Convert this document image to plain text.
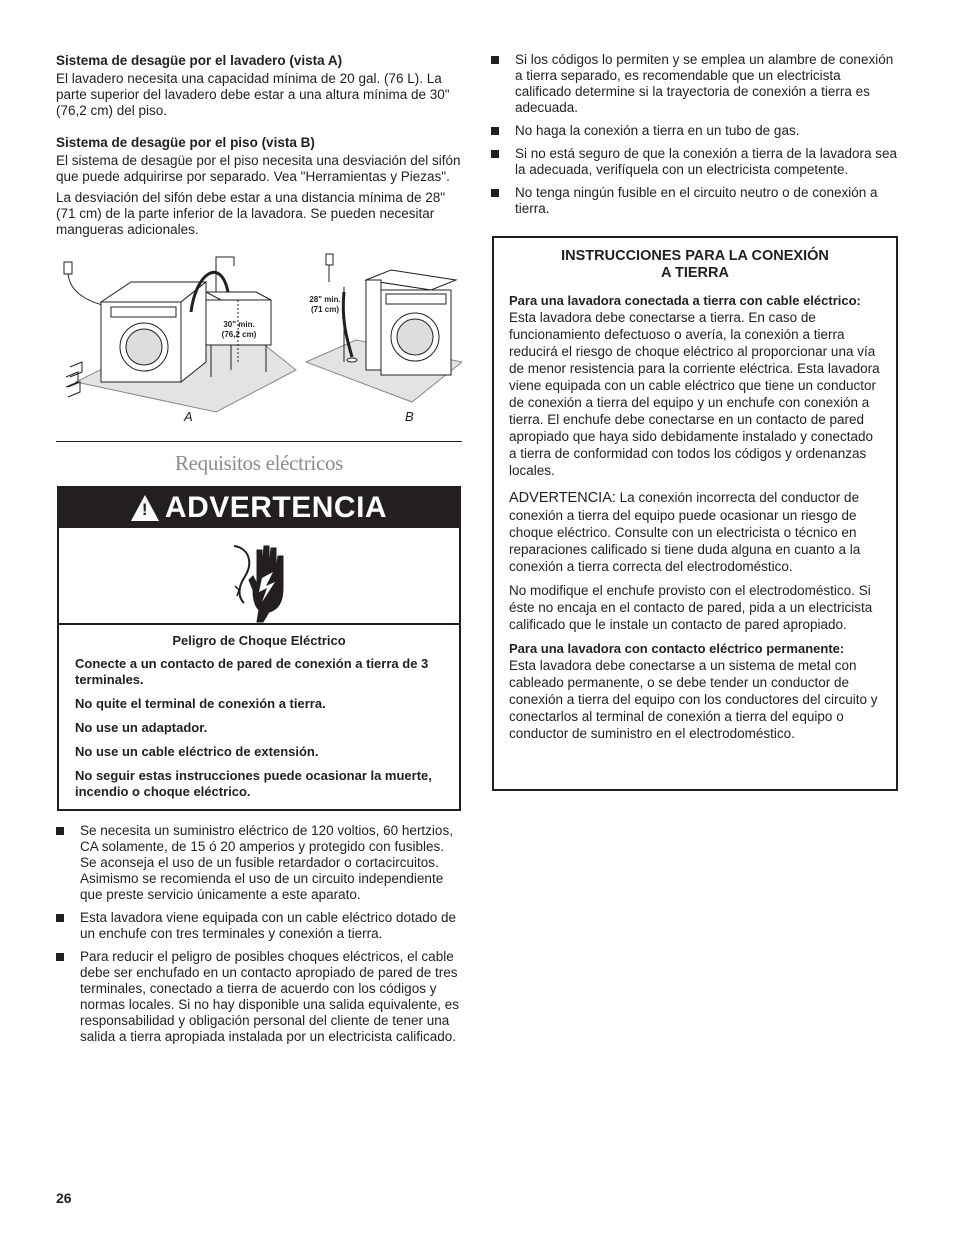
Sistema de desagüe por el lavadero (vista A)
El lavadero necesita una capacidad mínima de 20 gal. (76 L). La parte superior del lavadero debe estar a una altura mínima de 30" (76,2 cm) del piso.
Sistema de desagüe por el piso (vista B)
El sistema de desagüe por el piso necesita una desviación del sifón que puede adquirirse por separado. Vea "Herramientas y Piezas".
La desviación del sifón debe estar a una distancia mínima de 28" (71 cm) de la parte inferior de la lavadora. Se pueden necesitar mangueras adicionales.
30" min.
(76,2 cm)
28" min.
(71 cm)
A	B
Requisitos eléctricos
! ADVERTENCIA
Peligro de Choque Eléctrico
Conecte a un contacto de pared de conexión a tierra de 3 terminales.
No quite el terminal de conexión a tierra.
No use un adaptador.
No use un cable eléctrico de extensión.
No seguir estas instrucciones puede ocasionar la muerte, incendio o choque eléctrico.
Se necesita un suministro eléctrico de 120 voltios, 60 hertzios, CA solamente, de 15 ó 20 amperios y protegido con fusibles. Se aconseja el uso de un fusible retardador o cortacircuitos. Asimismo se recomienda el uso de un circuito independiente que preste servicio únicamente a este aparato.
Esta lavadora viene equipada con un cable eléctrico dotado de un enchufe con tres terminales y conexión a tierra.
Para reducir el peligro de posibles choques eléctricos, el cable debe ser enchufado en un contacto apropiado de pared de tres terminales, conectado a tierra de acuerdo con los códigos y normas locales. Si no hay disponible una salida equivalente, es responsabilidad y obligación personal del cliente de tener una salida a tierra apropiada instalada por un electricista calificado.
Si los códigos lo permiten y se emplea un alambre de conexión a tierra separado, es recomendable que un electricista calificado determine si la trayectoria de conexión a tierra es adecuada.
No haga la conexión a tierra en un tubo de gas.
Si no está seguro de que la conexión a tierra de la lavadora sea la adecuada, verifíquela con un electricista competente.
No tenga ningún fusible en el circuito neutro o de conexión a tierra.
INSTRUCCIONES PARA LA CONEXIÓN
A TIERRA
Para una lavadora conectada a tierra con cable eléctrico:
Esta lavadora debe conectarse a tierra. En caso de funcionamiento defectuoso o avería, la conexión a tierra reducirá el riesgo de choque eléctrico al proporcionar una vía de menor resistencia para la corriente eléctrica. Esta lavadora viene equipada con un cable eléctrico que tiene un conductor de conexión a tierra del equipo y un enchufe con conexión a tierra. El enchufe debe conectarse en un contacto de pared apropiado que haya sido debidamente instalado y conectado a tierra de conformidad con todos los códigos y ordenanzas locales.
ADVERTENCIA: La conexión incorrecta del conductor de conexión a tierra del equipo puede ocasionar un riesgo de choque eléctrico. Consulte con un electricista o técnico en reparaciones calificado si tiene duda alguna en cuanto a la conexión a tierra correcta del electrodoméstico.
No modifique el enchufe provisto con el electrodoméstico. Si éste no encaja en el contacto de pared, pida a un electricista calificado que le instale un contacto de pared apropiado.
Para una lavadora con contacto eléctrico permanente:
Esta lavadora debe conectarse a un sistema de metal con cableado permanente, o se debe tender un conductor de conexión a tierra del equipo con los conductores del circuito y conectarlos al terminal de conexión a tierra del equipo o conductor de suministro en el electrodoméstico.
26
